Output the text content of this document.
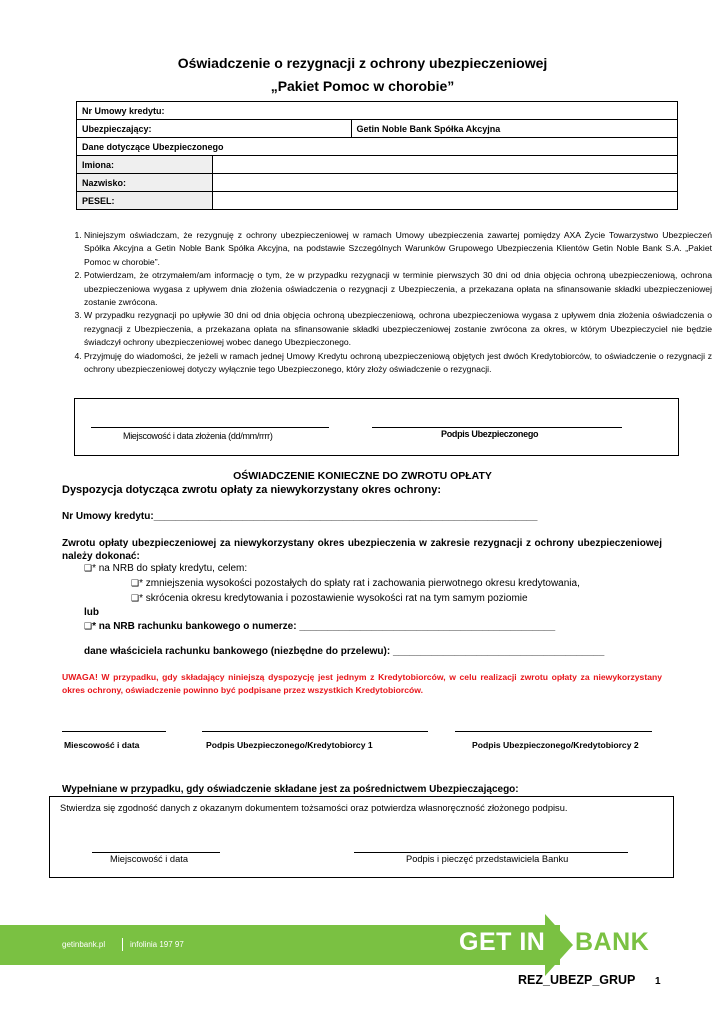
Oświadczenie o rezygnacji z ochrony ubezpieczeniowej
„Pakiet Pomoc w chorobie”
Nr Umowy kredytu:		
Ubezpieczający:		Getin Noble Bank Spółka Akcyjna
Dane dotyczące Ubezpieczonego		
Imiona:		
Nazwisko:		
PESEL:		
1. Niniejszym oświadczam, że rezygnuję z ochrony ubezpieczeniowej w ramach Umowy ubezpieczenia zawartej pomiędzy AXA Życie Towarzystwo Ubezpieczeń Spółka Akcyjna a Getin Noble Bank Spółka Akcyjna, na podstawie Szczególnych Warunków Grupowego Ubezpieczenia Klientów Getin Noble Bank S.A. „Pakiet Pomoc w chorobie”.
2. Potwierdzam, że otrzymałem/am informację o tym, że w przypadku rezygnacji w terminie pierwszych 30 dni od dnia objęcia ochroną ubezpieczeniową, ochrona ubezpieczeniowa wygasa z upływem dnia złożenia oświadczenia o rezygnacji z Ubezpieczenia, a przekazana opłata na sfinansowanie składki ubezpieczeniowej zostanie zwrócona.
3. W przypadku rezygnacji po upływie 30 dni od dnia objęcia ochroną ubezpieczeniową, ochrona ubezpieczeniowa wygasa z upływem dnia złożenia oświadczenia o rezygnacji z Ubezpieczenia, a przekazana opłata na sfinansowanie składki ubezpieczeniowej zostanie zwrócona za okres, w którym Ubezpieczyciel nie będzie świadczył ochrony ubezpieczeniowej wobec danego Ubezpieczonego.
4. Przyjmuję do wiadomości, że jeżeli w ramach jednej Umowy Kredytu ochroną ubezpieczeniową objętych jest dwóch Kredytobiorców, to oświadczenie o rezygnacji z ochrony ubezpieczeniowej dotyczy wyłącznie tego Ubezpieczonego, który złoży oświadczenie o rezygnacji.
Miejscowość i data złożenia (dd/mm/rrrr)	Podpis Ubezpieczonego
OŚWIADCZENIE KONIECZNE DO ZWROTU OPŁATY
Dyspozycja dotycząca zwrotu opłaty za niewykorzystany okres ochrony:
Nr Umowy kredytu:_____________________________________________________________________
Zwrotu opłaty ubezpieczeniowej za niewykorzystany okres ubezpieczenia w zakresie rezygnacji z ochrony ubezpieczeniowej należy dokonać:
❑* na NRB do spłaty kredytu, celem:
❑* zmniejszenia wysokości pozostałych do spłaty rat i zachowania pierwotnego okresu kredytowania,
❑* skrócenia okresu kredytowania i pozostawienie wysokości rat na tym samym poziomie
lub
❑* na NRB rachunku bankowego o numerze: ______________________________________________
dane właściciela rachunku bankowego (niezbędne do przelewu): ______________________________________
UWAGA! W przypadku, gdy składający niniejszą dyspozycję jest jednym z Kredytobiorców, w celu realizacji zwrotu opłaty za niewykorzystany okres ochrony, oświadczenie powinno być podpisane przez wszystkich Kredytobiorców.
Miescowość i data	Podpis Ubezpieczonego/Kredytobiorcy 1	Podpis Ubezpieczonego/Kredytobiorcy 2
Wypełniane w przypadku, gdy oświadczenie składane jest za pośrednictwem Ubezpieczającego:
Stwierdza się zgodność danych z okazanym dokumentem tożsamości oraz potwierdza własnoręczność złożonego podpisu.
Miejscowość i data	Podpis i pieczęć przedstawiciela Banku
getinbank.pl	infolinia 197 97	GET IN BANK
REZ_UBEZP_GRUP 1
